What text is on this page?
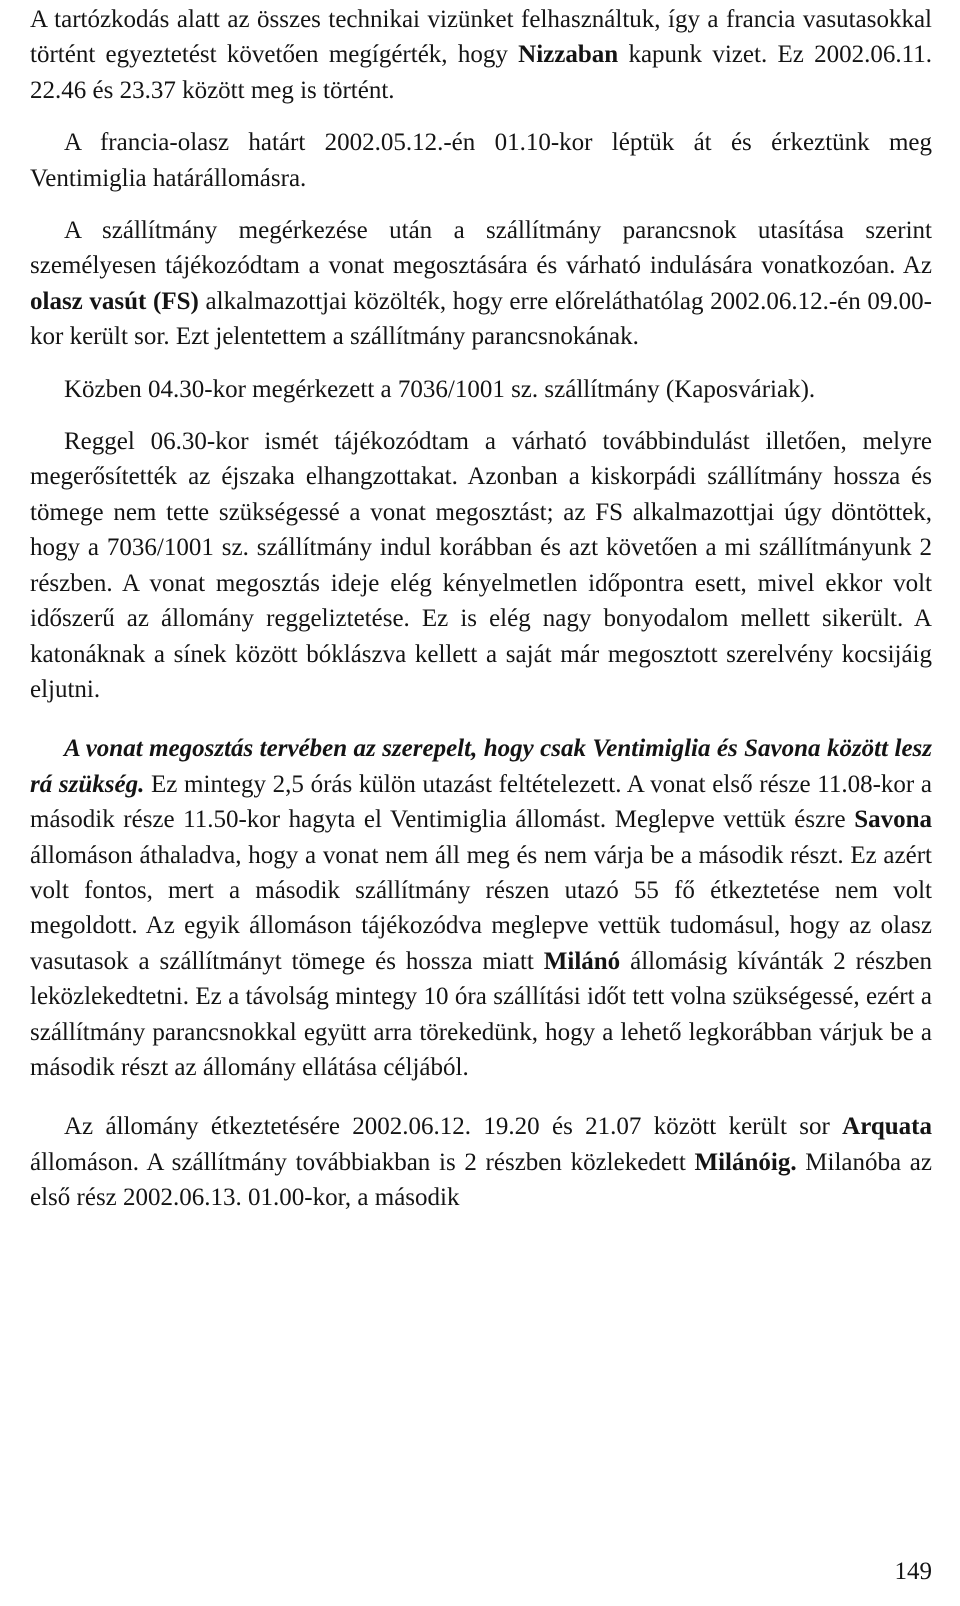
A tartózkodás alatt az összes technikai vizünket felhasználtuk, így a francia vasutasokkal történt egyeztetést követően megígérték, hogy Nizzaban kapunk vizet. Ez 2002.06.11. 22.46 és 23.37 között meg is történt.

A francia-olasz határt 2002.05.12.-én 01.10-kor léptük át és érkeztünk meg Ventimiglia határállomásra.

A szállítmány megérkezése után a szállítmány parancsnok utasítása szerint személyesen tájékozódtam a vonat megosztására és várható indulására vonatkozóan. Az olasz vasút (FS) alkalmazottjai közölték, hogy erre előreláthatólag 2002.06.12.-én 09.00-kor került sor. Ezt jelentettem a szállítmány parancsnokának.

Közben 04.30-kor megérkezett a 7036/1001 sz. szállítmány (Kaposváriak).

Reggel 06.30-kor ismét tájékozódtam a várható továbbindulást illetően, melyre megerősítették az éjszaka elhangzottakat. Azonban a kiskorpádi szállítmány hossza és tömege nem tette szükségessé a vonat megosztást; az FS alkalmazottjai úgy döntöttek, hogy a 7036/1001 sz. szállítmány indul korábban és azt követően a mi szállítmányunk 2 részben. A vonat megosztás ideje elég kényelmetlen időpontra esett, mivel ekkor volt időszerű az állomány reggeliztetése. Ez is elég nagy bonyodalom mellett sikerült. A katonáknak a sínek között bóklászva kellett a saját már megosztott szerelvény kocsijáig eljutni.

A vonat megosztás tervében az szerepelt, hogy csak Ventimiglia és Savona között lesz rá szükség. Ez mintegy 2,5 órás külön utazást feltételezett. A vonat első része 11.08-kor a második része 11.50-kor hagyta el Ventimiglia állomást. Meglepve vettük észre Savona állomáson áthaladva, hogy a vonat nem áll meg és nem várja be a második részt. Ez azért volt fontos, mert a második szállítmány részen utazó 55 fő étkeztetése nem volt megoldott. Az egyik állomáson tájékozódva meglepve vettük tudomásul, hogy az olasz vasutasok a szállítmányt tömege és hossza miatt Milánó állomásig kívánták 2 részben leközlekedtetni. Ez a távolság mintegy 10 óra szállítási időt tett volna szükségessé, ezért a szállítmány parancsnokkal együtt arra törekedünk, hogy a lehető legkorábban várjuk be a második részt az állomány ellátása céljából.

Az állomány étkeztetésére 2002.06.12. 19.20 és 21.07 között került sor Arquata állomáson. A szállítmány továbbiakban is 2 részben közlekedett Milánóig. Milanóba az első rész 2002.06.13. 01.00-kor, a második

149
